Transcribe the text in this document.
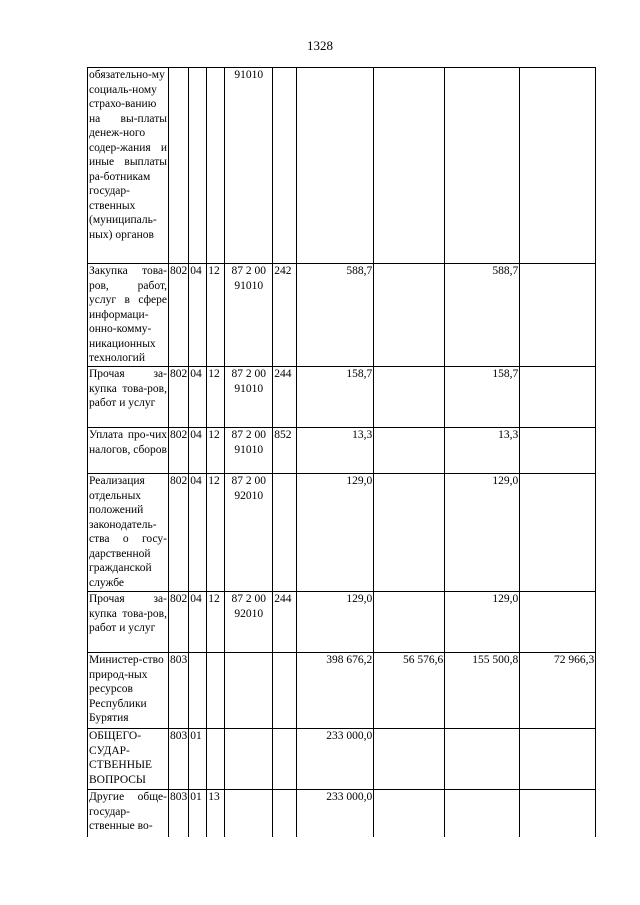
1328
обязательно-му социаль-ному страхо-ванию на вы-платы денеж-ного содер-жания и иные выплаты ра-ботникам государ-ственных (муниципаль-ных) органов				91010					
Закупка това-ров, работ, услуг в сфере информаци-онно-комму-никационных технологий	802	04	12	87 2 00 91010	242	588,7		588,7	
Прочая за-купка това-ров, работ и услуг	802	04	12	87 2 00 91010	244	158,7		158,7	
Уплата про-чих налогов, сборов	802	04	12	87 2 00 91010	852	13,3		13,3	
Реализация отдельных положений законодатель-ства о госу-дарственной гражданской службе	802	04	12	87 2 00 92010		129,0		129,0	
Прочая за-купка това-ров, работ и услуг	802	04	12	87 2 00 92010	244	129,0		129,0	
Министер-ство природ-ных ресурсов Республики Бурятия	803					398 676,2	56 576,6	155 500,8	72 966,3
ОБЩЕГО-СУДАР-СТВЕННЫЕ ВОПРОСЫ	803	01				233 000,0			
Другие обще-государ-ственные во-	803	01	13			233 000,0			
